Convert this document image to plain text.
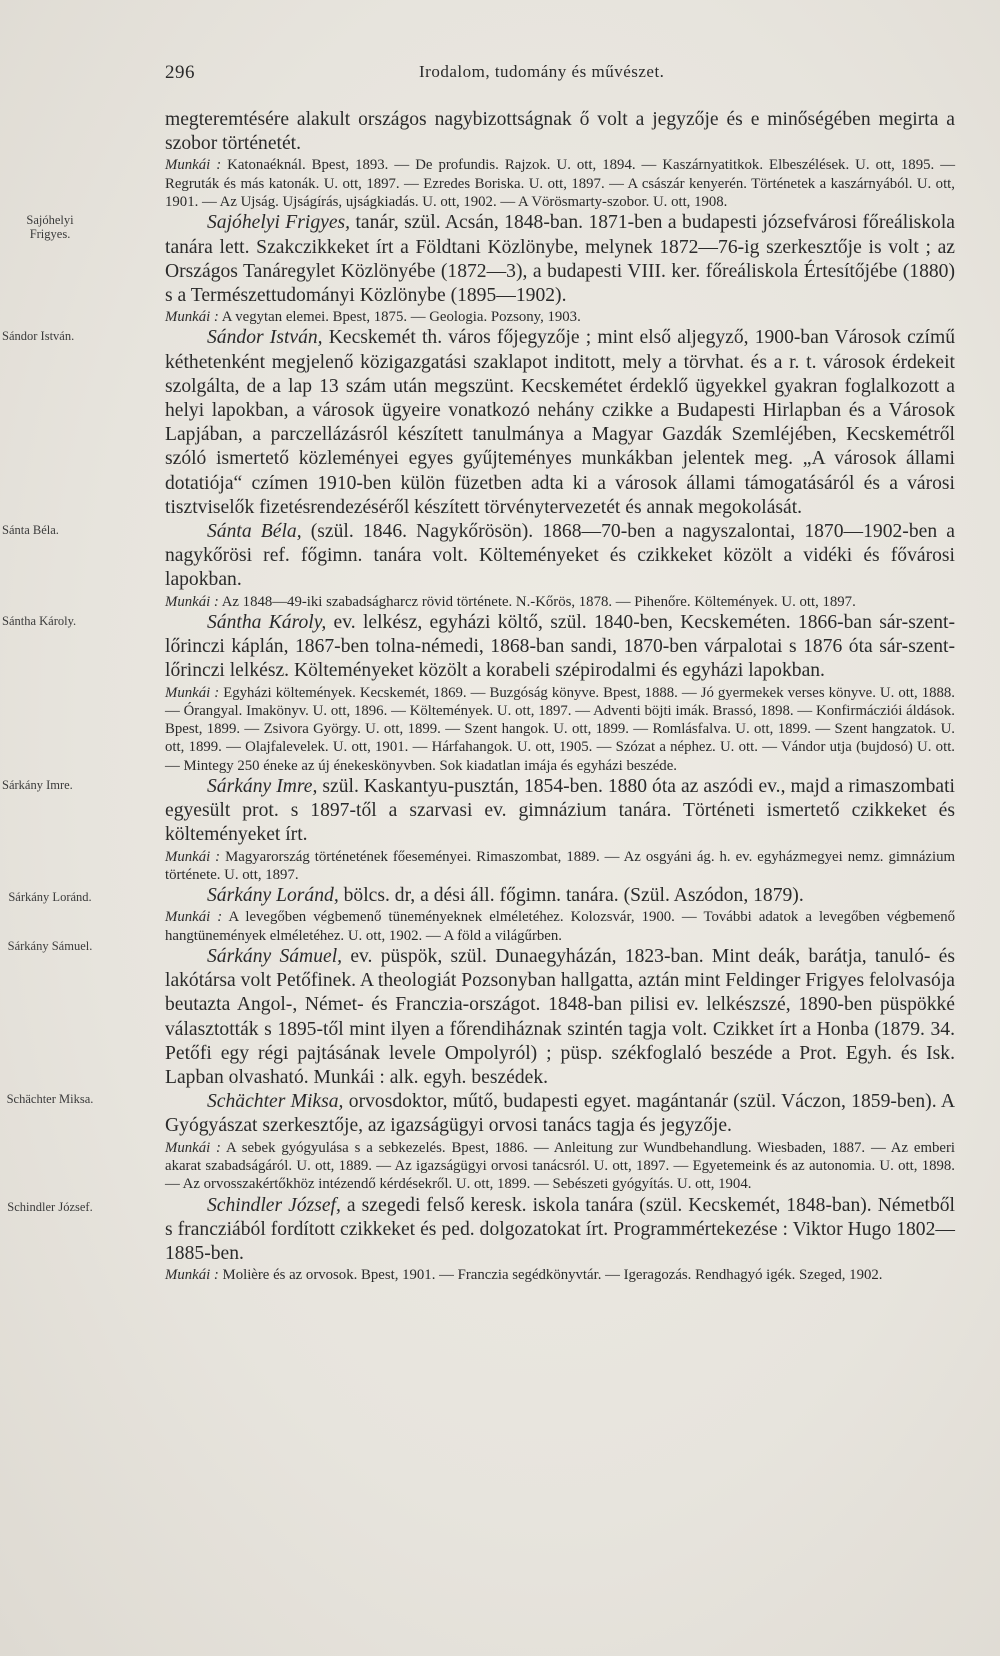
296	Irodalom, tudomány és művészet.

megteremtésére alakult országos nagybizottságnak ő volt a jegyzője és e minőségében megirta a szobor történetét.

Munkái : Katonaéknál. Bpest, 1893. — De profundis. Rajzok. U. ott, 1894. — Kaszárnyatitkok. Elbeszélések. U. ott, 1895. — Regruták és más katonák. U. ott, 1897. — Ezredes Boriska. U. ott, 1897. — A császár kenyerén. Történetek a kaszárnyából. U. ott, 1901. — Az Ujság. Ujságírás, ujságkiadás. U. ott, 1902. — A Vörösmarty-szobor. U. ott, 1908.

Sajóhelyi Frigyes.

Sajóhelyi Frigyes, tanár, szül. Acsán, 1848-ban. 1871-ben a budapesti józsefvárosi főreáliskola tanára lett. Szakczikkeket írt a Földtani Közlönybe, melynek 1872—76-ig szerkesztője is volt ; az Országos Tanáregylet Közlönyébe (1872—3), a budapesti VIII. ker. főreáliskola Értesítőjébe (1880) s a Természettudományi Közlönybe (1895—1902).

Munkái : A vegytan elemei. Bpest, 1875. — Geologia. Pozsony, 1903.

Sándor István.	Sándor István, Kecskemét th. város főjegyzője ; mint első aljegyző, 1900-ban Városok czímű kéthetenként megjelenő közigazgatási szaklapot inditott, mely a törvhat. és a r. t. városok érdekeit szolgálta, de a lap 13 szám után megszünt. Kecskemétet érdeklő ügyekkel gyakran foglalkozott a helyi lapokban, a városok ügyeire vonatkozó nehány czikke a Budapesti Hirlapban és a Városok Lapjában, a parczellázásról készített tanulmánya a Magyar Gazdák Szemléjében, Kecskemétről szóló ismertető közleményei egyes gyűjteményes munkákban jelentek meg. „A városok állami dotatiója“ czímen 1910-ben külön füzetben adta ki a városok állami támogatásáról és a városi tisztviselők fizetésrendezéséről készített törvénytervezetét és annak megokolását.

Sánta Béla.	Sánta Béla, (szül. 1846. Nagykőrösön). 1868—70-ben a nagyszalontai, 1870—1902-ben a nagykőrösi ref. főgimn. tanára volt. Költeményeket és czikkeket közölt a vidéki és fővárosi lapokban.

Munkái : Az 1848—49-iki szabadságharcz rövid története. N.-Kőrös, 1878. — Pihenőre. Költemények. U. ott, 1897.

Sántha Károly.	Sántha Károly, ev. lelkész, egyházi költő, szül. 1840-ben, Kecskeméten. 1866-ban sár-szent-lőrinczi káplán, 1867-ben tolna-némedi, 1868-ban sandi, 1870-ben várpalotai s 1876 óta sár-szent-lőrinczi lelkész. Költeményeket közölt a korabeli szépirodalmi és egyházi lapokban.

Munkái : Egyházi költemények. Kecskemét, 1869. — Buzgóság könyve. Bpest, 1888. — Jó gyermekek verses könyve. U. ott, 1888. — Órangyal. Imakönyv. U. ott, 1896. — Költemények. U. ott, 1897. — Adventi böjti imák. Brassó, 1898. — Konfirmácziói áldások. Bpest, 1899. — Zsivora György. U. ott, 1899. — Szent hangok. U. ott, 1899. — Romlásfalva. U. ott, 1899. — Szent hangzatok. U. ott, 1899. — Olajfalevelek. U. ott, 1901. — Hárfahangok. U. ott, 1905. — Szózat a néphez. U. ott. — Vándor utja (bujdosó) U. ott. — Mintegy 250 éneke az új énekeskönyvben. Sok kiadatlan imája és egyházi beszéde.

Sárkány Imre.	Sárkány Imre, szül. Kaskantyu-pusztán, 1854-ben. 1880 óta az aszódi ev., majd a rimaszombati egyesült prot. s 1897-től a szarvasi ev. gimnázium tanára. Történeti ismertető czikkeket és költeményeket írt.

Munkái : Magyarország történetének főeseményei. Rimaszombat, 1889. — Az osgyáni ág. h. ev. egyházmegyei nemz. gimnázium története. U. ott, 1897.

Sárkány Loránd.	Sárkány Loránd, bölcs. dr, a dési áll. főgimn. tanára. (Szül. Aszódon, 1879).

Munkái : A levegőben végbemenő tüneményeknek elméletéhez. Kolozsvár, 1900. — További adatok a levegőben végbemenő hangtünemények elméletéhez. U. ott, 1902. — A föld a világűrben.

Sárkány Sámuel.	Sárkány Sámuel, ev. püspök, szül. Dunaegyházán, 1823-ban. Mint deák, barátja, tanuló- és lakótársa volt Petőfinek. A theologiát Pozsonyban hallgatta, aztán mint Feldinger Frigyes felolvasója beutazta Angol-, Német- és Franczia-országot. 1848-ban pilisi ev. lelkészszé, 1890-ben püspökké választották s 1895-től mint ilyen a főrendiháznak szintén tagja volt. Czikket írt a Honba (1879. 34. Petőfi egy régi pajtásának levele Ompolyról) ; püsp. székfoglaló beszéde a Prot. Egyh. és Isk. Lapban olvasható. Munkái : alk. egyh. beszédek.

Schächter Miksa.	Schächter Miksa, orvosdoktor, műtő, budapesti egyet. magántanár (szül. Váczon, 1859-ben). A Gyógyászat szerkesztője, az igazságügyi orvosi tanács tagja és jegyzője.

Munkái : A sebek gyógyulása s a sebkezelés. Bpest, 1886. — Anleitung zur Wundbehandlung. Wiesbaden, 1887. — Az emberi akarat szabadságáról. U. ott, 1889. — Az igazságügyi orvosi tanácsról. U. ott, 1897. — Egyetemeink és az autonomia. U. ott, 1898. — Az orvosszakértőkhöz intézendő kérdésekről. U. ott, 1899. — Sebészeti gyógyítás. U. ott, 1904.

Schindler József.	Schindler József, a szegedi felső keresk. iskola tanára (szül. Kecskemét, 1848-ban). Németből s franczіából fordított czikkeket és ped. dolgozatokat írt. Programmértekezése : Viktor Hugo 1802—1885-ben.

Munkái : Molière és az orvosok. Bpest, 1901. — Franczia segédkönyvtár. — Igeragozás. Rendhagyó igék. Szeged, 1902.
